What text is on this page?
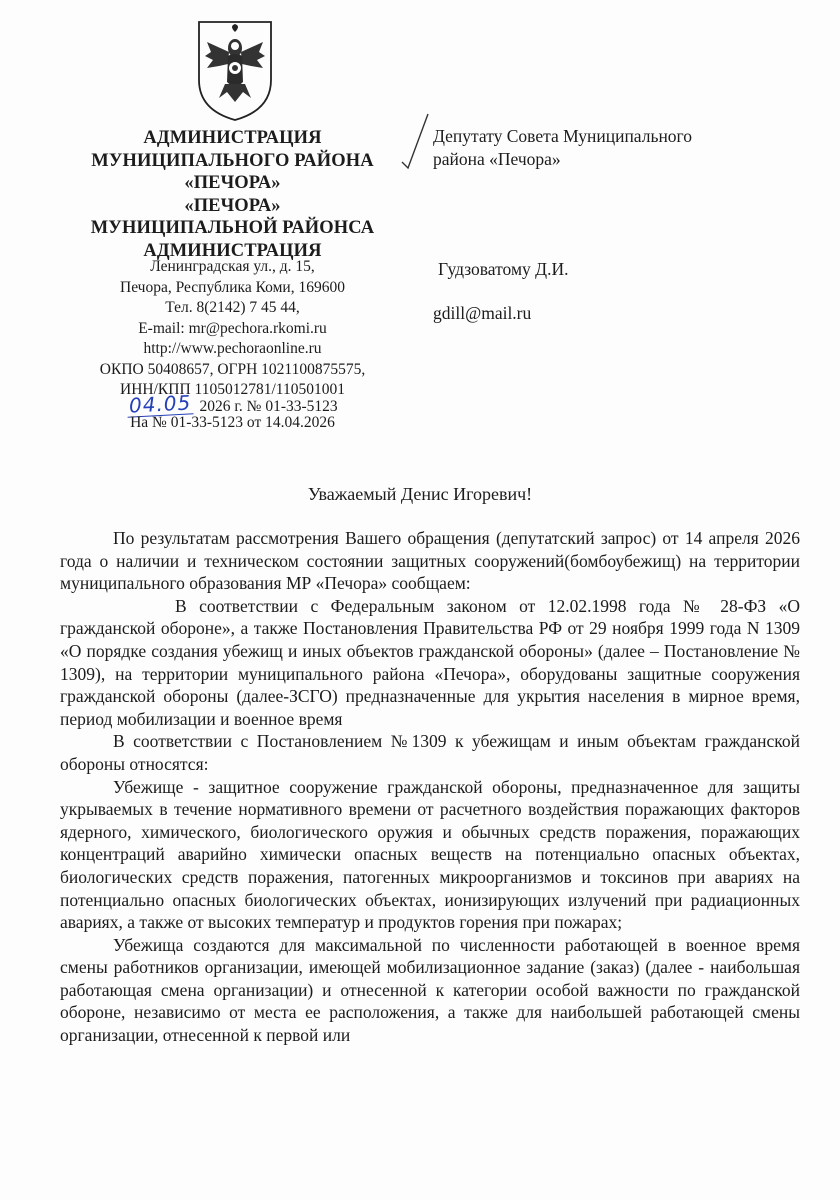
АДМИНИСТРАЦИЯ
МУНИЦИПАЛЬНОГО РАЙОНА
«ПЕЧОРА»
«ПЕЧОРА»
МУНИЦИПАЛЬНОЙ РАЙОНСА
АДМИНИСТРАЦИЯ
Ленинградская ул., д. 15,
Печора, Республика Коми, 169600
Тел. 8(2142) 7 45 44,
E-mail: mr@pechora.rkomi.ru
http://www.pechoraonline.ru
ОКПО 50408657, ОГРН 1021100875575,
ИНН/КПП 1105012781/110501001
04.05 2026 г. № 01-33-5123
На № 01-33-5123 от 14.04.2026
Депутату Совета Муниципального
района «Печора»
Гудзоватому Д.И.
gdill@mail.ru
Уважаемый Денис Игоревич!

По результатам рассмотрения Вашего обращения (депутатский запрос) от 14 апреля 2026 года о наличии и техническом состоянии защитных сооружений(бомбоубежищ) на территории муниципального образования МР «Печора» сообщаем:

В соответствии с Федеральным законом от 12.02.1998 года № 28-ФЗ «О гражданской обороне», а также Постановления Правительства РФ от 29 ноября 1999 года N 1309 «О порядке создания убежищ и иных объектов гражданской обороны» (далее – Постановление № 1309), на территории муниципального района «Печора», оборудованы защитные сооружения гражданской обороны (далее-ЗСГО) предназначенные для укрытия населения в мирное время, период мобилизации и военное время

В соответствии с Постановлением №1309 к убежищам и иным объектам гражданской обороны относятся:

Убежище - защитное сооружение гражданской обороны, предназначенное для защиты укрываемых в течение нормативного времени от расчетного воздействия поражающих факторов ядерного, химического, биологического оружия и обычных средств поражения, поражающих концентраций аварийно химически опасных веществ на потенциально опасных объектах, биологических средств поражения, патогенных микроорганизмов и токсинов при авариях на потенциально опасных биологических объектах, ионизирующих излучений при радиационных авариях, а также от высоких температур и продуктов горения при пожарах;

Убежища создаются для максимальной по численности работающей в военное время смены работников организации, имеющей мобилизационное задание (заказ) (далее - наибольшая работающая смена организации) и отнесенной к категории особой важности по гражданской обороне, независимо от места ее расположения, а также для наибольшей работающей смены организации, отнесенной к первой или
